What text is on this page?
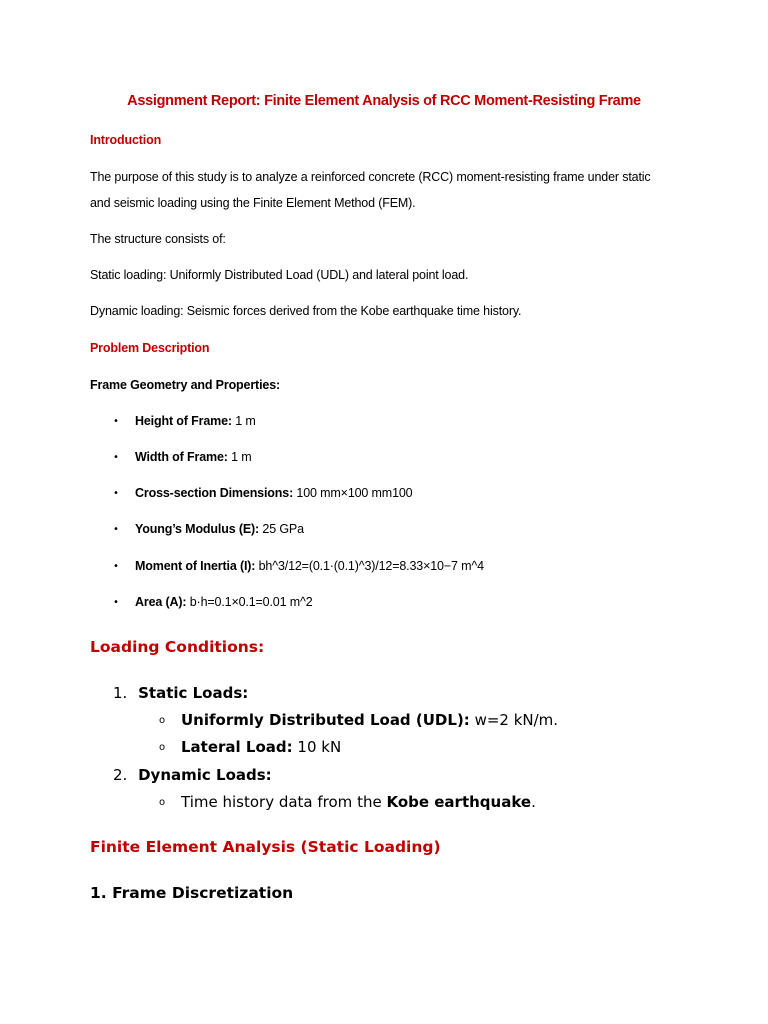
Assignment Report: Finite Element Analysis of RCC Moment-Resisting Frame
Introduction
The purpose of this study is to analyze a reinforced concrete (RCC) moment-resisting frame under static
and seismic loading using the Finite Element Method (FEM).
The structure consists of:
Static loading: Uniformly Distributed Load (UDL) and lateral point load.
Dynamic loading: Seismic forces derived from the Kobe earthquake time history.
Problem Description
Frame Geometry and Properties:
• Height of Frame: 1 m
• Width of Frame: 1 m
• Cross-section Dimensions: 100 mm×100 mm100
• Young’s Modulus (E): 25 GPa
• Moment of Inertia (I): bh^3/12=(0.1·(0.1)^3)/12=8.33×10−7 m^4
• Area (A): b·h=0.1×0.1=0.01 m^2
Loading Conditions:
1. Static Loads:
o Uniformly Distributed Load (UDL): w=2 kN/m.
o Lateral Load: 10 kN
2. Dynamic Loads:
o Time history data from the Kobe earthquake.
Finite Element Analysis (Static Loading)
1. Frame Discretization
